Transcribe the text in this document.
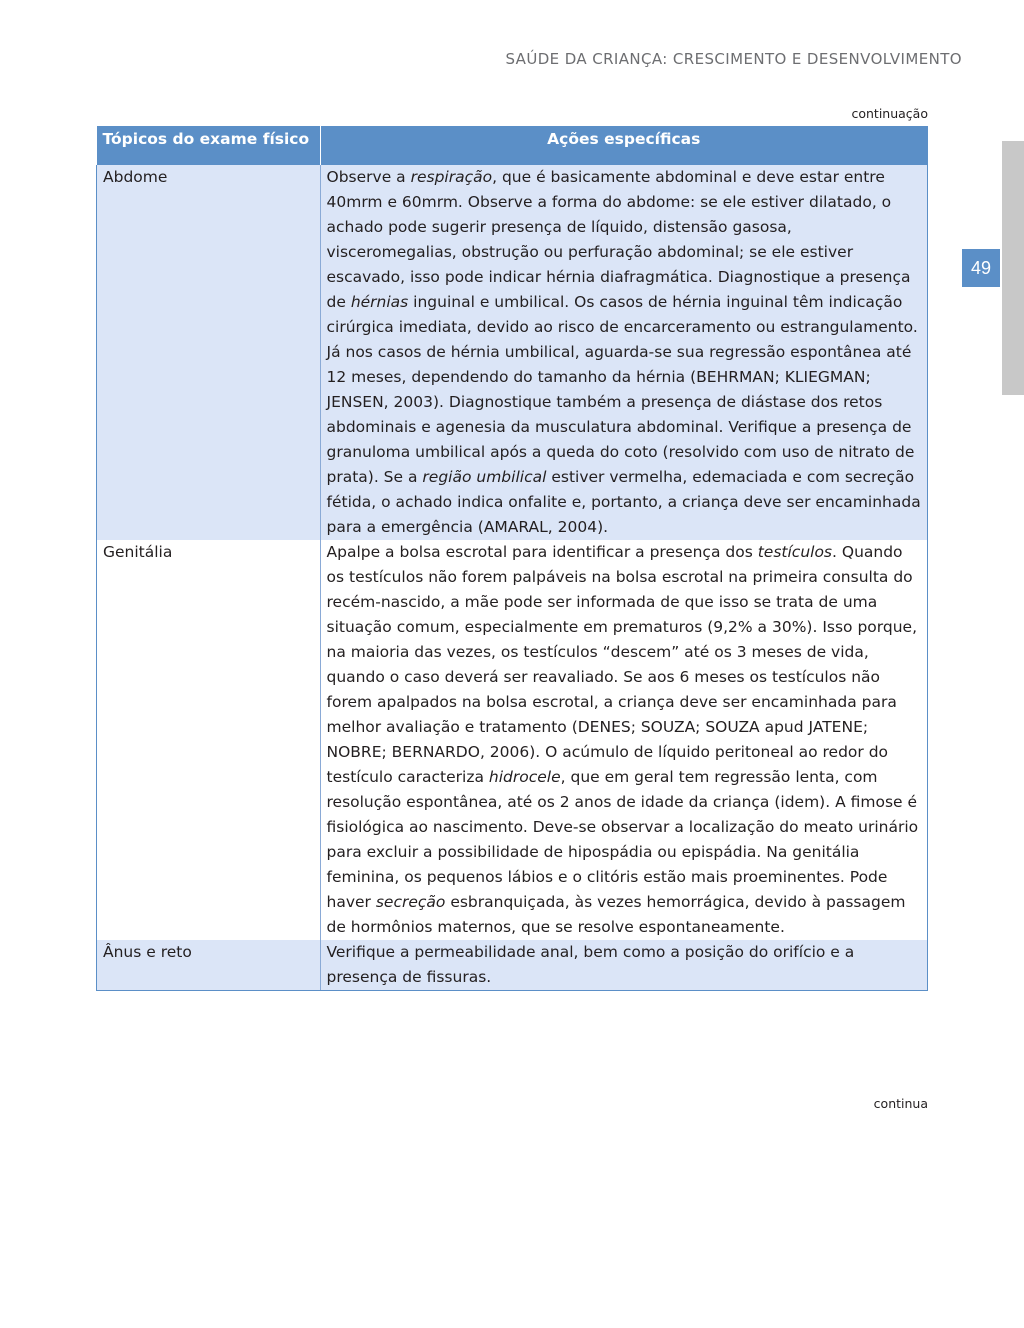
SAÚDE DA CRIANÇA: CRESCIMENTO E DESENVOLVIMENTO
49
continuação
Tópicos do exame físico	Ações específicas
Abdome	Observe a respiração, que é basicamente abdominal e deve estar entre 40mrm e 60mrm. Observe a forma do abdome: se ele estiver dilatado, o achado pode sugerir presença de líquido, distensão gasosa, visceromegalias, obstrução ou perfuração abdominal; se ele estiver escavado, isso pode indicar hérnia diafragmática. Diagnostique a presença de hérnias inguinal e umbilical. Os casos de hérnia inguinal têm indicação cirúrgica imediata, devido ao risco de encarceramento ou estrangulamento. Já nos casos de hérnia umbilical, aguarda-se sua regressão espontânea até 12 meses, dependendo do tamanho da hérnia (BEHRMAN; KLIEGMAN; JENSEN, 2003). Diagnostique também a presença de diástase dos retos abdominais e agenesia da musculatura abdominal. Verifique a presença de granuloma umbilical após a queda do coto (resolvido com uso de nitrato de prata). Se a região umbilical estiver vermelha, edemaciada e com secreção fétida, o achado indica onfalite e, portanto, a criança deve ser encaminhada para a emergência (AMARAL, 2004).
Genitália	Apalpe a bolsa escrotal para identificar a presença dos testículos. Quando os testículos não forem palpáveis na bolsa escrotal na primeira consulta do recém-nascido, a mãe pode ser informada de que isso se trata de uma situação comum, especialmente em prematuros (9,2% a 30%). Isso porque, na maioria das vezes, os testículos “descem” até os 3 meses de vida, quando o caso deverá ser reavaliado. Se aos 6 meses os testículos não forem apalpados na bolsa escrotal, a criança deve ser encaminhada para melhor avaliação e tratamento (DENES; SOUZA; SOUZA apud JATENE; NOBRE; BERNARDO, 2006). O acúmulo de líquido peritoneal ao redor do testículo caracteriza hidrocele, que em geral tem regressão lenta, com resolução espontânea, até os 2 anos de idade da criança (idem). A fimose é fisiológica ao nascimento. Deve-se observar a localização do meato urinário para excluir a possibilidade de hipospádia ou epispádia. Na genitália feminina, os pequenos lábios e o clitóris estão mais proeminentes. Pode haver secreção esbranquiçada, às vezes hemorrágica, devido à passagem de hormônios maternos, que se resolve espontaneamente.
Ânus e reto	Verifique a permeabilidade anal, bem como a posição do orifício e a presença de fissuras.
continua
